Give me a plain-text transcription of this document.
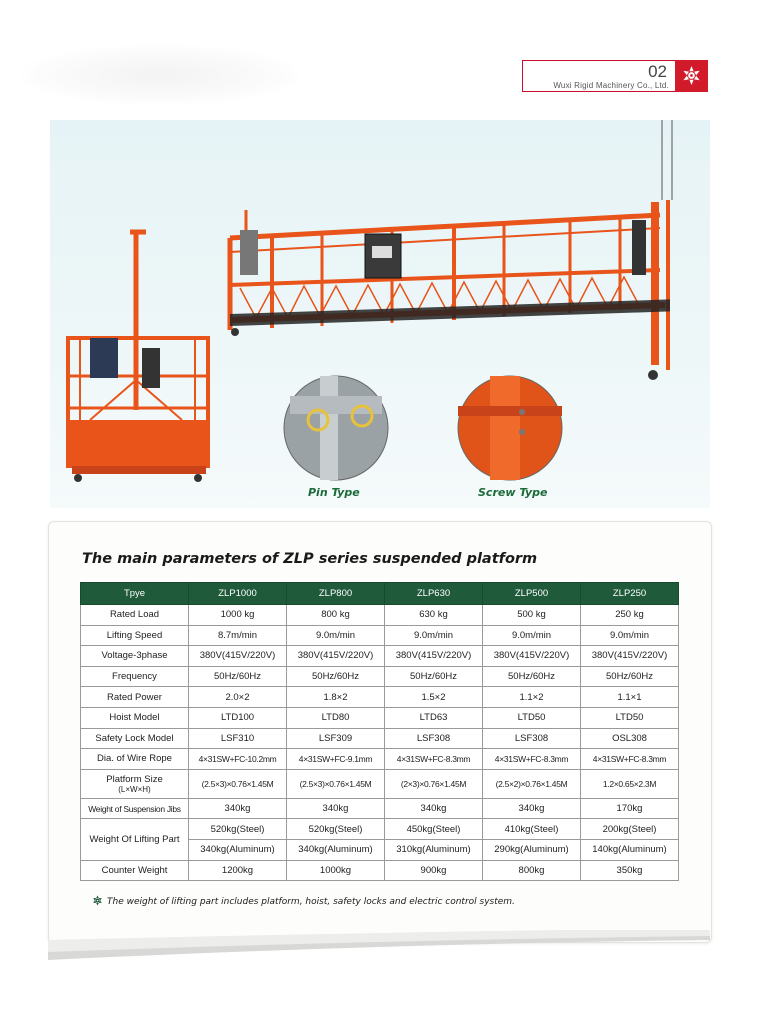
02
Wuxi Rigid Machinery Co., Ltd.
Pin Type	Screw Type
The main parameters of ZLP series suspended platform
Tpye	ZLP1000	ZLP800	ZLP630	ZLP500	ZLP250
Rated Load	1000 kg	800 kg	630 kg	500 kg	250 kg
Lifting Speed	8.7m/min	9.0m/min	9.0m/min	9.0m/min	9.0m/min
Voltage-3phase	380V(415V/220V)	380V(415V/220V)	380V(415V/220V)	380V(415V/220V)	380V(415V/220V)
Frequency	50Hz/60Hz	50Hz/60Hz	50Hz/60Hz	50Hz/60Hz	50Hz/60Hz
Rated Power	2.0×2	1.8×2	1.5×2	1.1×2	1.1×1
Hoist Model	LTD100	LTD80	LTD63	LTD50	LTD50
Safety Lock Model	LSF310	LSF309	LSF308	LSF308	OSL308
Dia. of Wire Rope	4×31SW+FC-10.2mm	4×31SW+FC-9.1mm	4×31SW+FC-8.3mm	4×31SW+FC-8.3mm	4×31SW+FC-8.3mm
Platform Size
(L×W×H)	(2.5×3)×0.76×1.45M	(2.5×3)×0.76×1.45M	(2×3)×0.76×1.45M	(2.5×2)×0.76×1.45M	1.2×0.65×2.3M
Weight of Suspension Jibs	340kg	340kg	340kg	340kg	170kg
Weight Of Lifting Part	520kg(Steel)	520kg(Steel)	450kg(Steel)	410kg(Steel)	200kg(Steel)
	340kg(Aluminum)	340kg(Aluminum)	310kg(Aluminum)	290kg(Aluminum)	140kg(Aluminum)
Counter Weight	1200kg	1000kg	900kg	800kg	350kg
The weight of lifting part includes platform, hoist, safety locks and electric control system.
